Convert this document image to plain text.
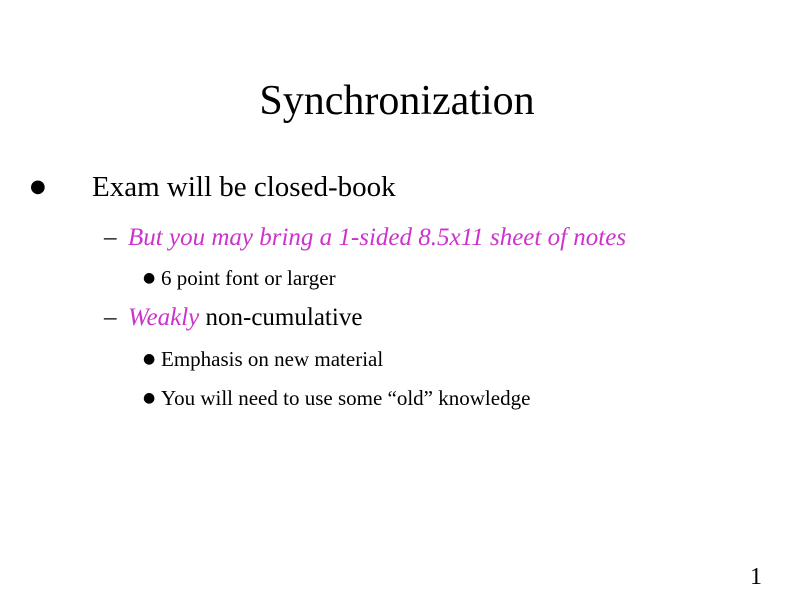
Synchronization
● Exam will be closed-book
– But you may bring a 1-sided 8.5x11 sheet of notes
● 6 point font or larger
– Weakly non-cumulative
● Emphasis on new material
● You will need to use some “old” knowledge
1
